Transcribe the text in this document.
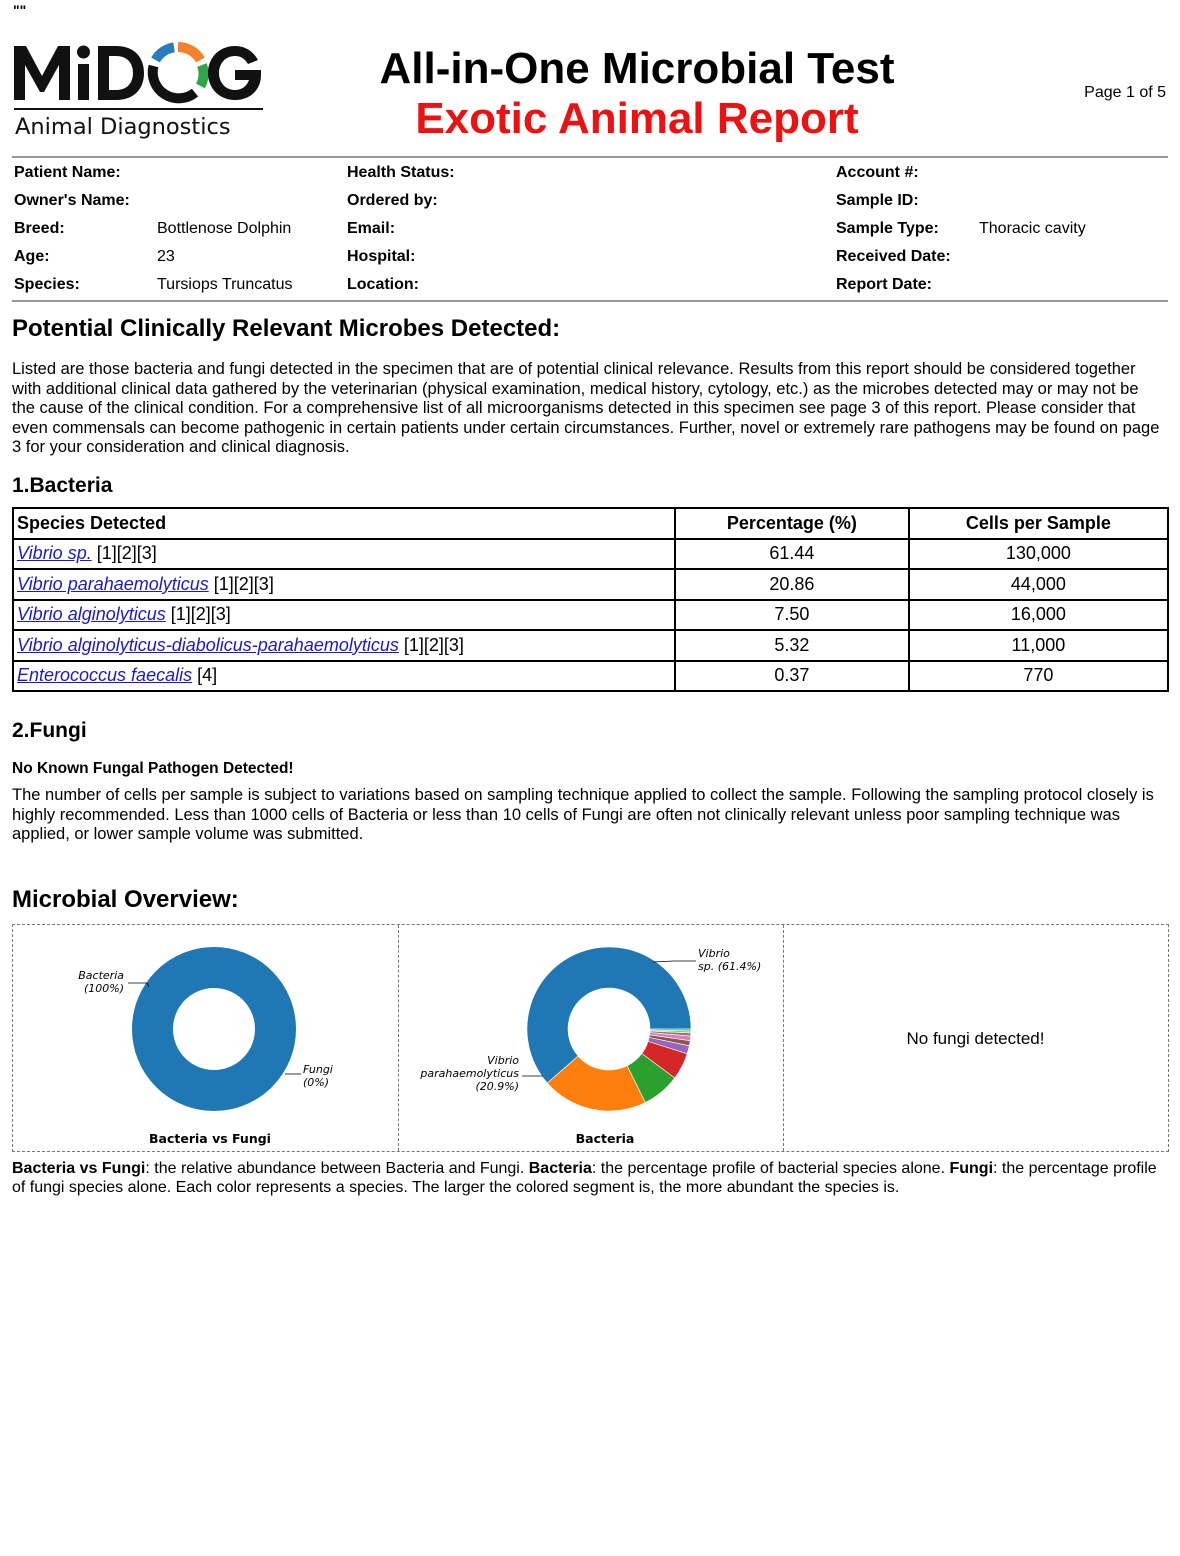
""
Animal Diagnostics
All-in-One Microbial Test
Exotic Animal Report
Page 1 of 5
Patient Name:	Health Status:	Account #:
Owner's Name:	Ordered by:	Sample ID:
Breed:	Bottlenose Dolphin	Email:	Sample Type:	Thoracic cavity
Age:	23	Hospital:	Received Date:
Species:	Tursiops Truncatus	Location:	Report Date:
Potential Clinically Relevant Microbes Detected:
Listed are those bacteria and fungi detected in the specimen that are of potential clinical relevance. Results from this report should be considered together with additional clinical data gathered by the veterinarian (physical examination, medical history, cytology, etc.) as the microbes detected may or may not be the cause of the clinical condition. For a comprehensive list of all microorganisms detected in this specimen see page 3 of this report. Please consider that even commensals can become pathogenic in certain patients under certain circumstances. Further, novel or extremely rare pathogens may be found on page 3 for your consideration and clinical diagnosis.
1.Bacteria
Species Detected	Percentage (%)	Cells per Sample
Vibrio sp. [1][2][3]	61.44	130,000
Vibrio parahaemolyticus [1][2][3]	20.86	44,000
Vibrio alginolyticus [1][2][3]	7.50	16,000
Vibrio alginolyticus-diabolicus-parahaemolyticus [1][2][3]	5.32	11,000
Enterococcus faecalis [4]	0.37	770
2.Fungi
No Known Fungal Pathogen Detected!
The number of cells per sample is subject to variations based on sampling technique applied to collect the sample. Following the sampling protocol closely is highly recommended. Less than 1000 cells of Bacteria or less than 10 cells of Fungi are often not clinically relevant unless poor sampling technique was applied, or lower sample volume was submitted.
Microbial Overview:
Bacteria vs Fungi
Bacteria
(100%)
Fungi
(0%)
Bacteria
Vibrio
sp. (61.4%)
Vibrio
parahaemolyticus
(20.9%)
No fungi detected!
Bacteria vs Fungi: the relative abundance between Bacteria and Fungi. Bacteria: the percentage profile of bacterial species alone. Fungi: the percentage profile of fungi species alone. Each color represents a species. The larger the colored segment is, the more abundant the species is.
